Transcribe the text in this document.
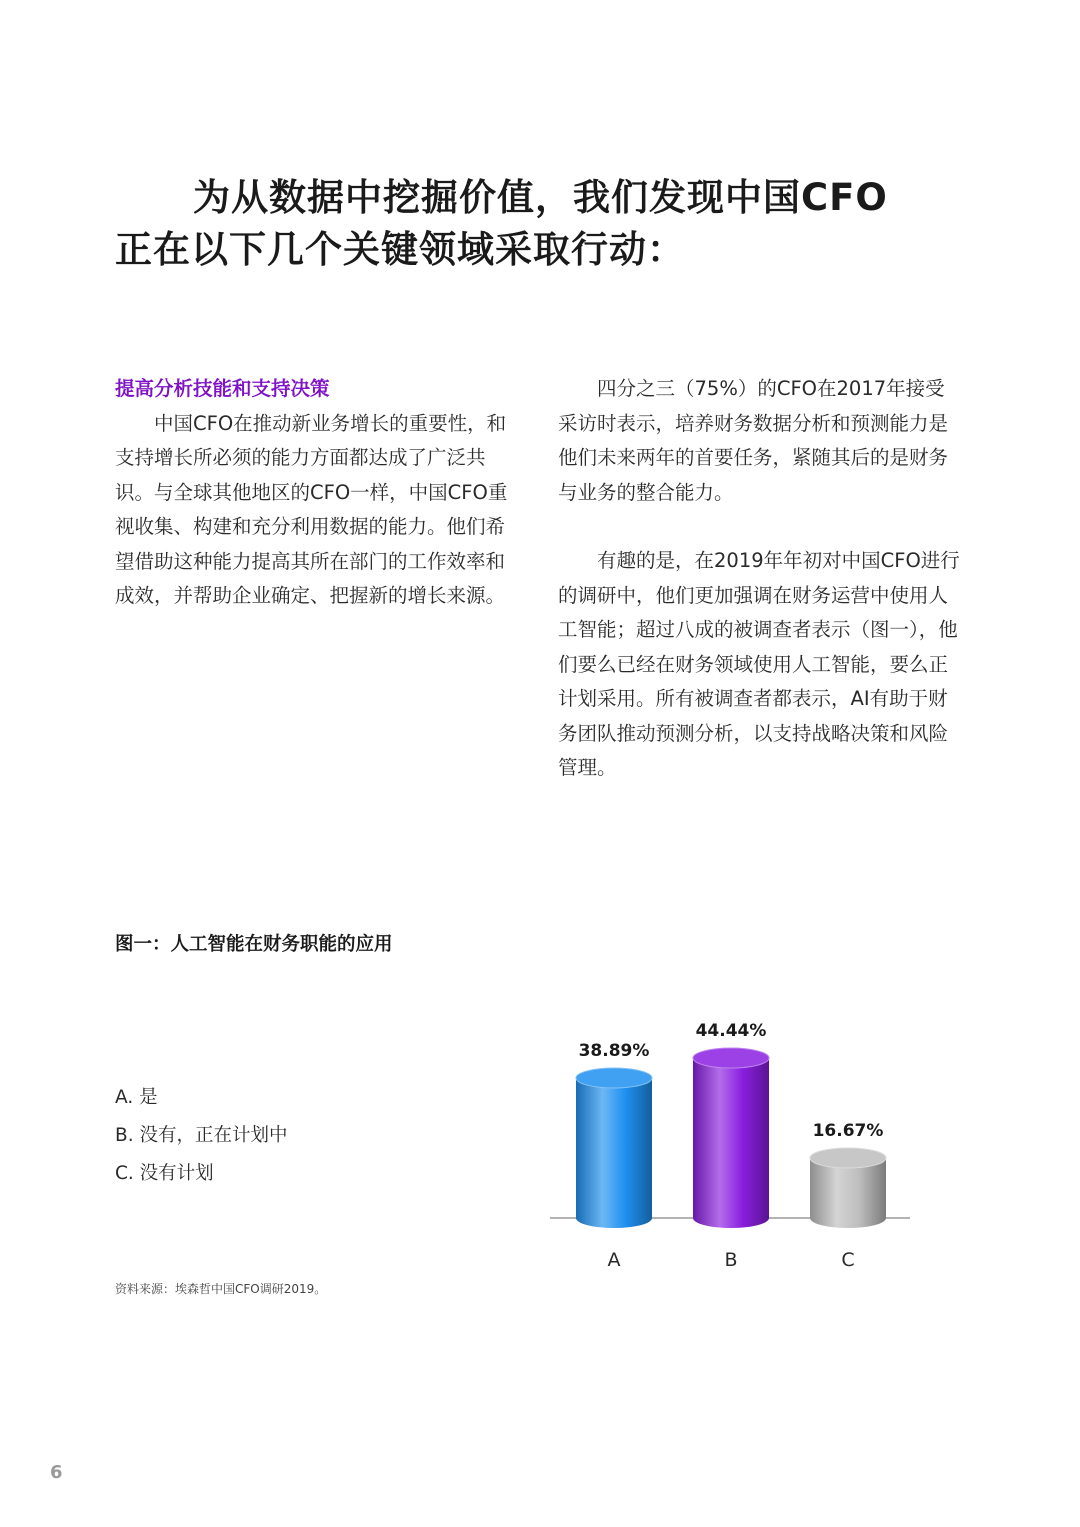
为从数据中挖掘价值，我们发现中国CFO
正在以下几个关键领域采取行动：
提高分析技能和支持决策

中国CFO在推动新业务增长的重要性，和支持增长所必须的能力方面都达成了广泛共识。与全球其他地区的CFO一样，中国CFO重视收集、构建和充分利用数据的能力。他们希望借助这种能力提高其所在部门的工作效率和成效，并帮助企业确定、把握新的增长来源。

四分之三（75%）的CFO在2017年接受采访时表示，培养财务数据分析和预测能力是他们未来两年的首要任务，紧随其后的是财务与业务的整合能力。

有趣的是，在2019年年初对中国CFO进行的调研中，他们更加强调在财务运营中使用人工智能；超过八成的被调查者表示（图一），他们要么已经在财务领域使用人工智能，要么正计划采用。所有被调查者都表示，AI有助于财务团队推动预测分析，以支持战略决策和风险管理。

图一：人工智能在财务职能的应用
A. 是
B. 没有，正在计划中
C. 没有计划
38.89%
A
44.44%
B
16.67%
C
资料来源：埃森哲中国CFO调研2019。
6
